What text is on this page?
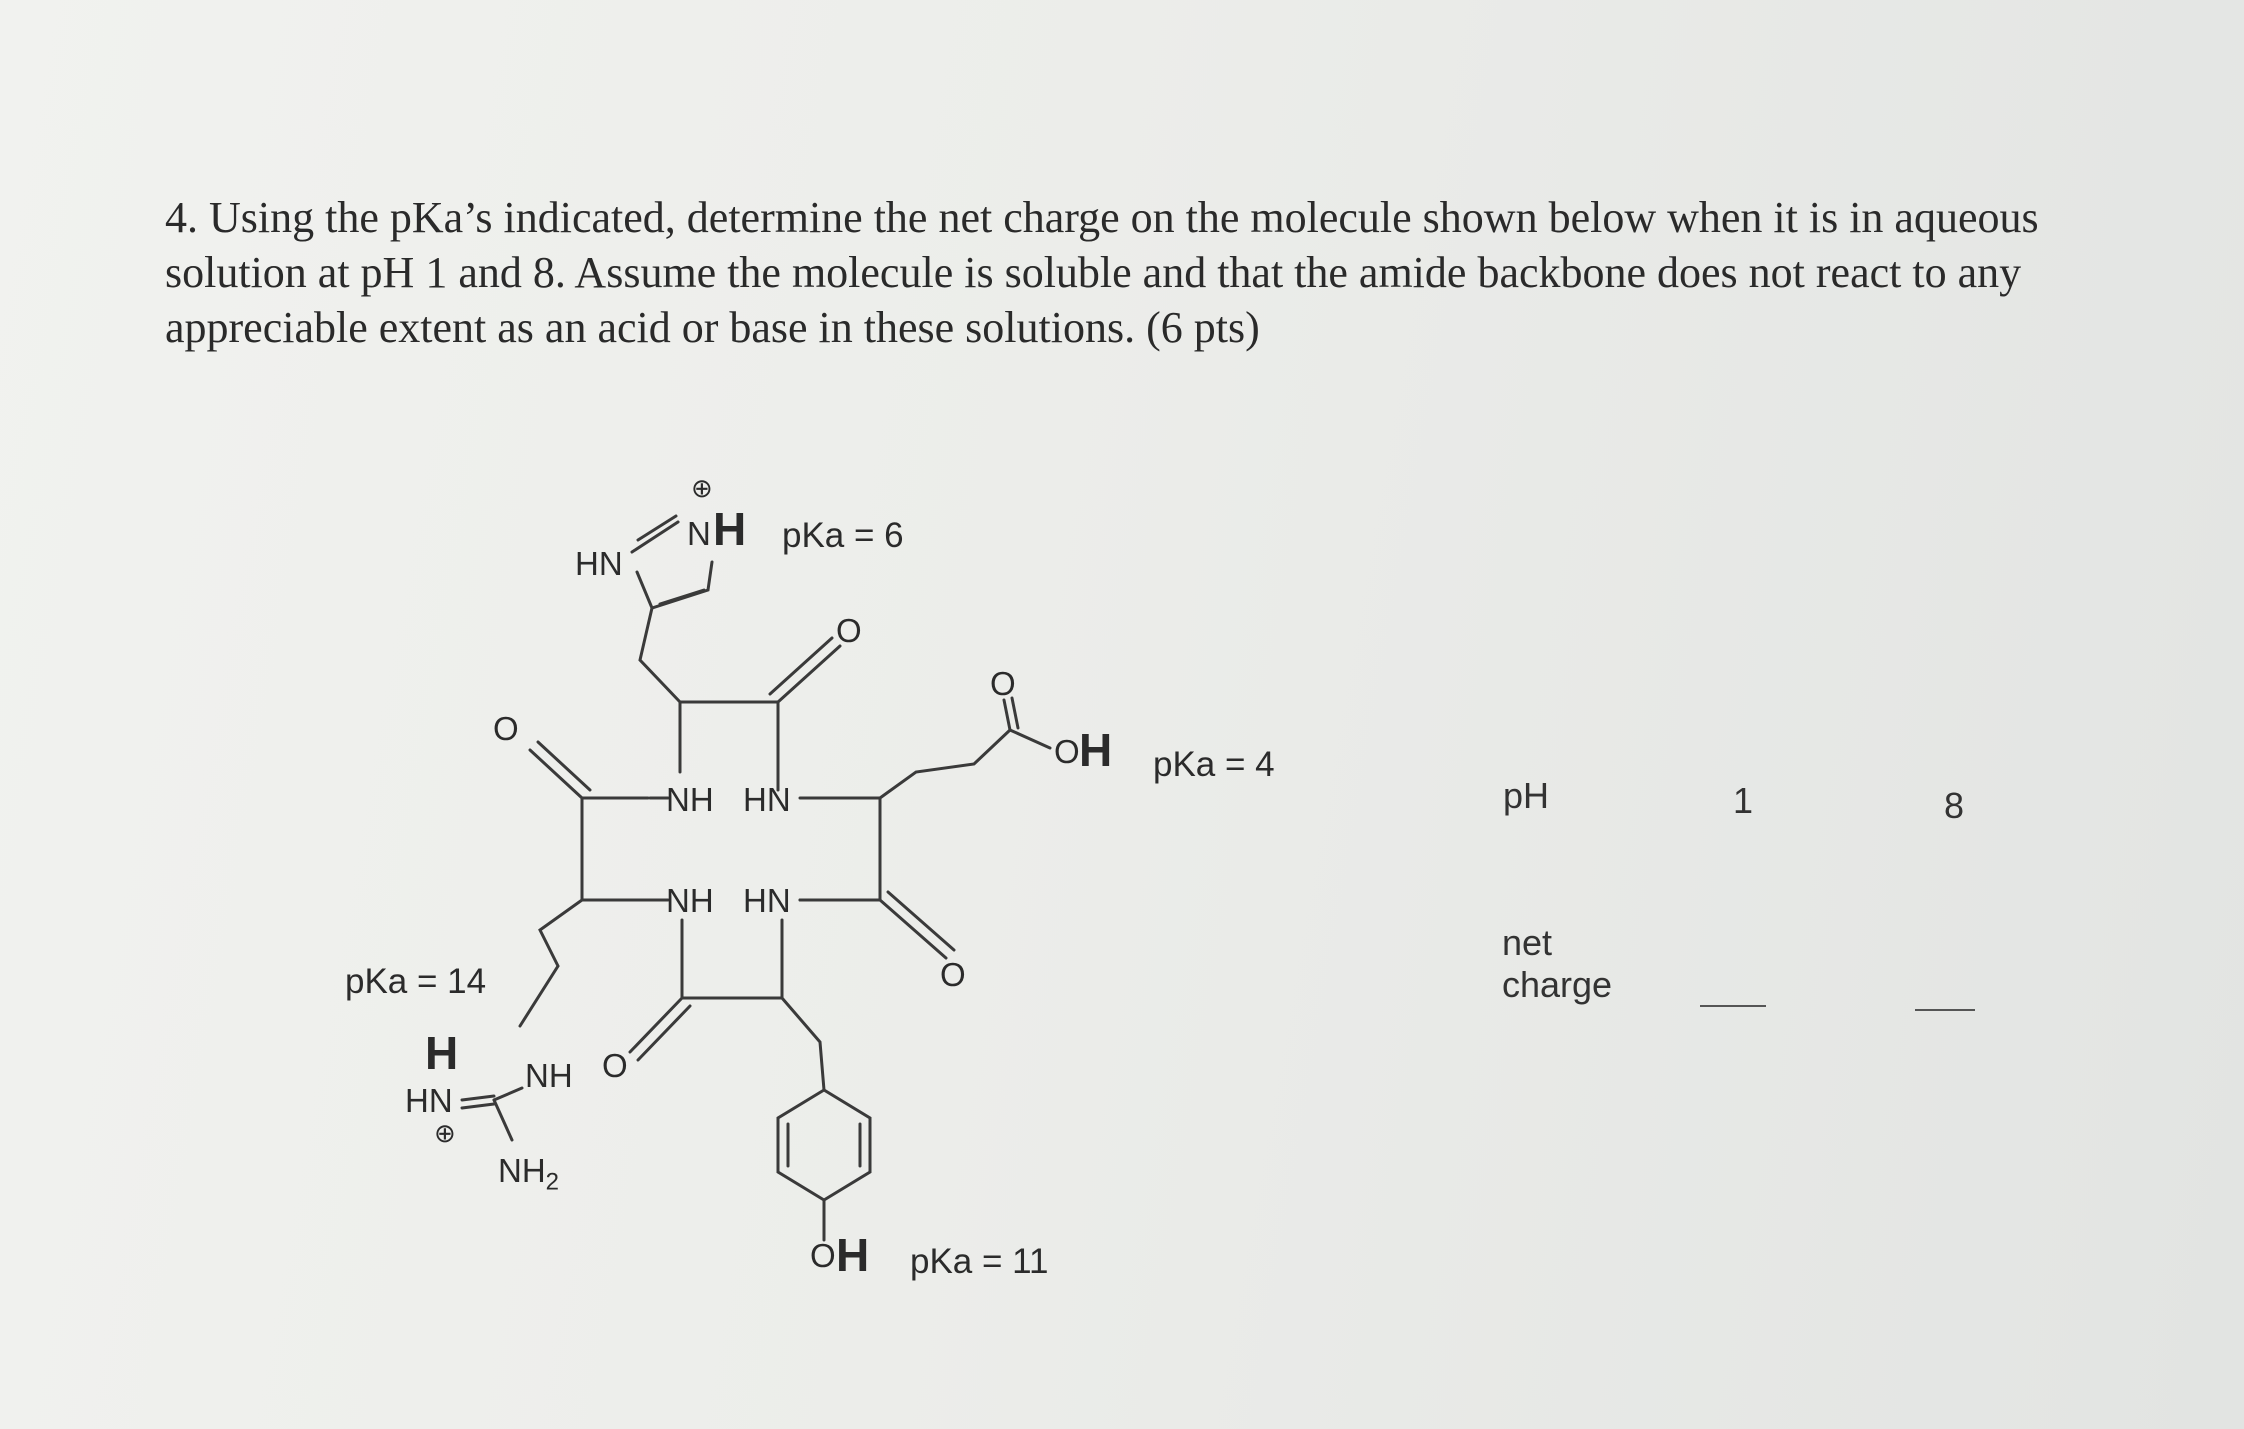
4. Using the pKa’s indicated, determine the net charge on the molecule shown below when it is in aqueous
solution at pH 1 and 8. Assume the molecule is soluble and that the amide backbone does not react to any
appreciable extent as an acid or base in these solutions. (6 pts)

⊕
HN
N H pKa = 6
O
O
O
O H pKa = 4
NH HN
NH HN
O
O
pKa = 14
H
HN
⊕
NH
$NH_2$
O H pKa = 11
pH	1	8
net
charge
